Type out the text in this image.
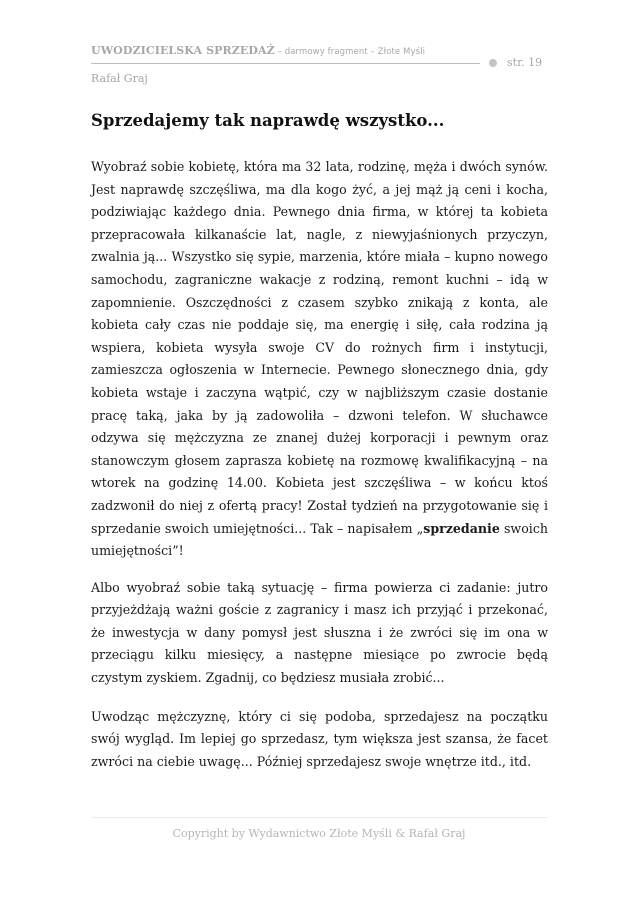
UWODZICIELSKA SPRZEDAŻ – darmowy fragment – Złote Myśli
str. 19
Rafał Graj
Sprzedajemy tak naprawdę wszystko...

Wyobraź sobie kobietę, która ma 32 lata, rodzinę, męża i dwóch synów. Jest naprawdę szczęśliwa, ma dla kogo żyć, a jej mąż ją ceni i kocha, podziwiając każdego dnia. Pewnego dnia firma, w której ta kobieta przepracowała kilkanaście lat, nagle, z niewyjaśnionych przyczyn, zwalnia ją... Wszystko się sypie, marzenia, które miała – kupno nowego samochodu, zagraniczne wakacje z rodziną, remont kuchni – idą w zapomnienie. Oszczędności z czasem szybko znikają z konta, ale kobieta cały czas nie poddaje się, ma energię i siłę, cała rodzina ją wspiera, kobieta wysyła swoje CV do rożnych firm i instytucji, zamieszcza ogłoszenia w Internecie. Pewnego słonecznego dnia, gdy kobieta wstaje i zaczyna wątpić, czy w najbliższym czasie dostanie pracę taką, jaka by ją zadowoliła – dzwoni telefon. W słuchawce odzywa się mężczyzna ze znanej dużej korporacji i pewnym oraz stanowczym głosem zaprasza kobietę na rozmowę kwalifikacyjną – na wtorek na godzinę 14.00. Kobieta jest szczęśliwa – w końcu ktoś zadzwonił do niej z ofertą pracy! Został tydzień na przygotowanie się i sprzedanie swoich umiejętności... Tak – napisałem „sprzedanie swoich umiejętności”!

Albo wyobraź sobie taką sytuację – firma powierza ci zadanie: jutro przyjeżdżają ważni goście z zagranicy i masz ich przyjąć i przekonać, że inwestycja w dany pomysł jest słuszna i że zwróci się im ona w przeciągu kilku miesięcy, a następne miesiące po zwrocie będą czystym zyskiem. Zgadnij, co będziesz musiała zrobić...

Uwodząc mężczyznę, który ci się podoba, sprzedajesz na początku swój wygląd. Im lepiej go sprzedasz, tym większa jest szansa, że facet zwróci na ciebie uwagę... Później sprzedajesz swoje wnętrze itd., itd.

Copyright by Wydawnictwo Złote Myśli & Rafał Graj
